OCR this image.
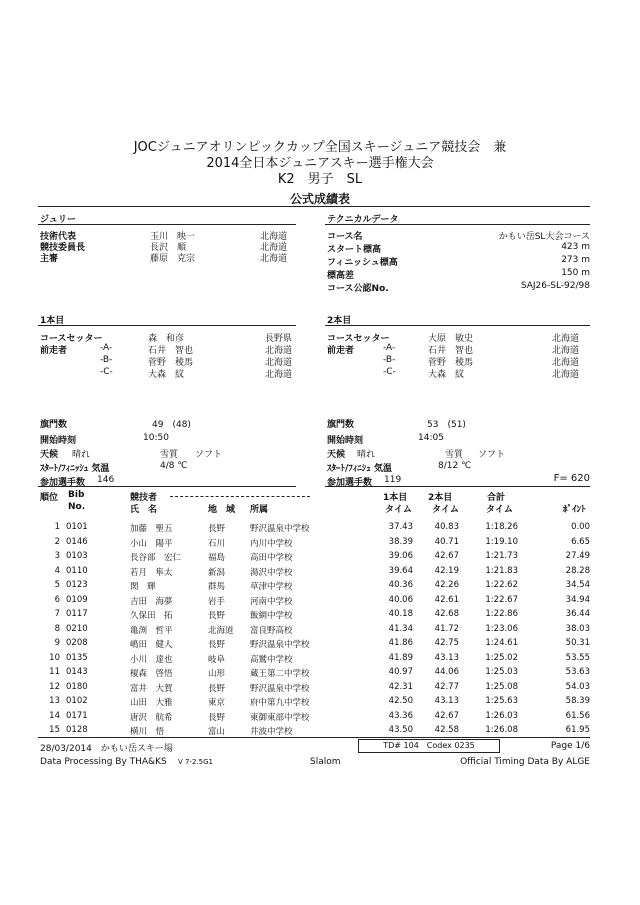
JOCジュニアオリンピックカップ全国スキージュニア競技会　兼
2014全日本ジュニアスキー選手権大会
K2　男子　SL
公式成績表
ジュリー
技術代表	玉川　映一	北海道
競技委員長	長沢　順	北海道
主審	藤原　克宗	北海道
テクニカルデータ
コース名	かもい岳SL大会コース
スタート標高	423 m
フィニッシュ標高	273 m
標高差	150 m
コース公認No.	SAJ26-SL-92/98
1本目	2本目
コースセッター	森　和彦	長野県
前走者	-A-	石井　智也	北海道
-B-	菅野　稜馬	北海道
-C-	大森　紋	北海道
コースセッター	大原　敏史	北海道
前走者	-A-	石井　智也	北海道
-B-	菅野　稜馬	北海道
-C-	大森　紋	北海道
旗門数	49　(48)
開始時刻	10:50
天候 晴れ	雪質 ソフト
ｽﾀｰﾄ/ﾌｨﾆｯｼｭ 気温	4/8 ℃
参加選手数 146
旗門数	53　(51)
開始時刻	14:05
天候 晴れ	雪質 ソフト
ｽﾀｰﾄ/ﾌｨﾆｼｭ 気温	8/12 ℃
参加選手数 119	F= 620
順位 Bib
No.
競技者
氏　名	地　域 所属
1本目 2本目	合計
タイム タイム	タイム	ﾎﾟｲﾝﾄ
1 0101	加藤　聖五	長野	野沢温泉中学校	37.43	40.83	1:18.26	0.00
2 0146	小山　陽平	石川	内川中学校	38.39	40.71	1:19.10	6.65
3 0103	長谷部　宏仁	福島	高田中学校	39.06	42.67	1:21.73	27.49
4 0110	若月　隼太	新潟	湯沢中学校	39.64	42.19	1:21.83	28.28
5 0123	関　輝	群馬	草津中学校	40.36	42.26	1:22.62	34.54
6 0109	吉田　海夢	岩手	河南中学校	40.06	42.61	1:22.67	34.94
7 0117	久保田　拓	長野	飯網中学校	40.18	42.68	1:22.86	36.44
8 0210	亀渕　哲平	北海道 富良野高校	41.34	41.72	1:23.06	38.03
9 0208	嶋田　健人	長野	野沢温泉中学校	41.86	42.75	1:24.61	50.31
10 0135	小川　達也	岐阜	高鷲中学校	41.89	43.13	1:25.02	53.55
11 0143	榎森　啓悟	山形	蔵王第二中学校	40.97	44.06	1:25.03	53.63
12 0180	富井　大賀	長野	野沢温泉中学校	42.31	42.77	1:25.08	54.03
13 0102	山田　大雅	東京	府中第九中学校	42.50	43.13	1:25.63	58.39
14 0171	唐沢　航希	長野	東御東部中学校	43.36	42.67	1:26.03	61.56
15 0128	横川　悟	富山	井波中学校	43.50	42.58	1:26.08	61.95
28/03/2014　かもい岳スキー場	TD# 104　Codex 0235	Page 1/6
Data Processing By THA&KS V 7-2.5G1	Slalom	Official Timing Data By ALGE
